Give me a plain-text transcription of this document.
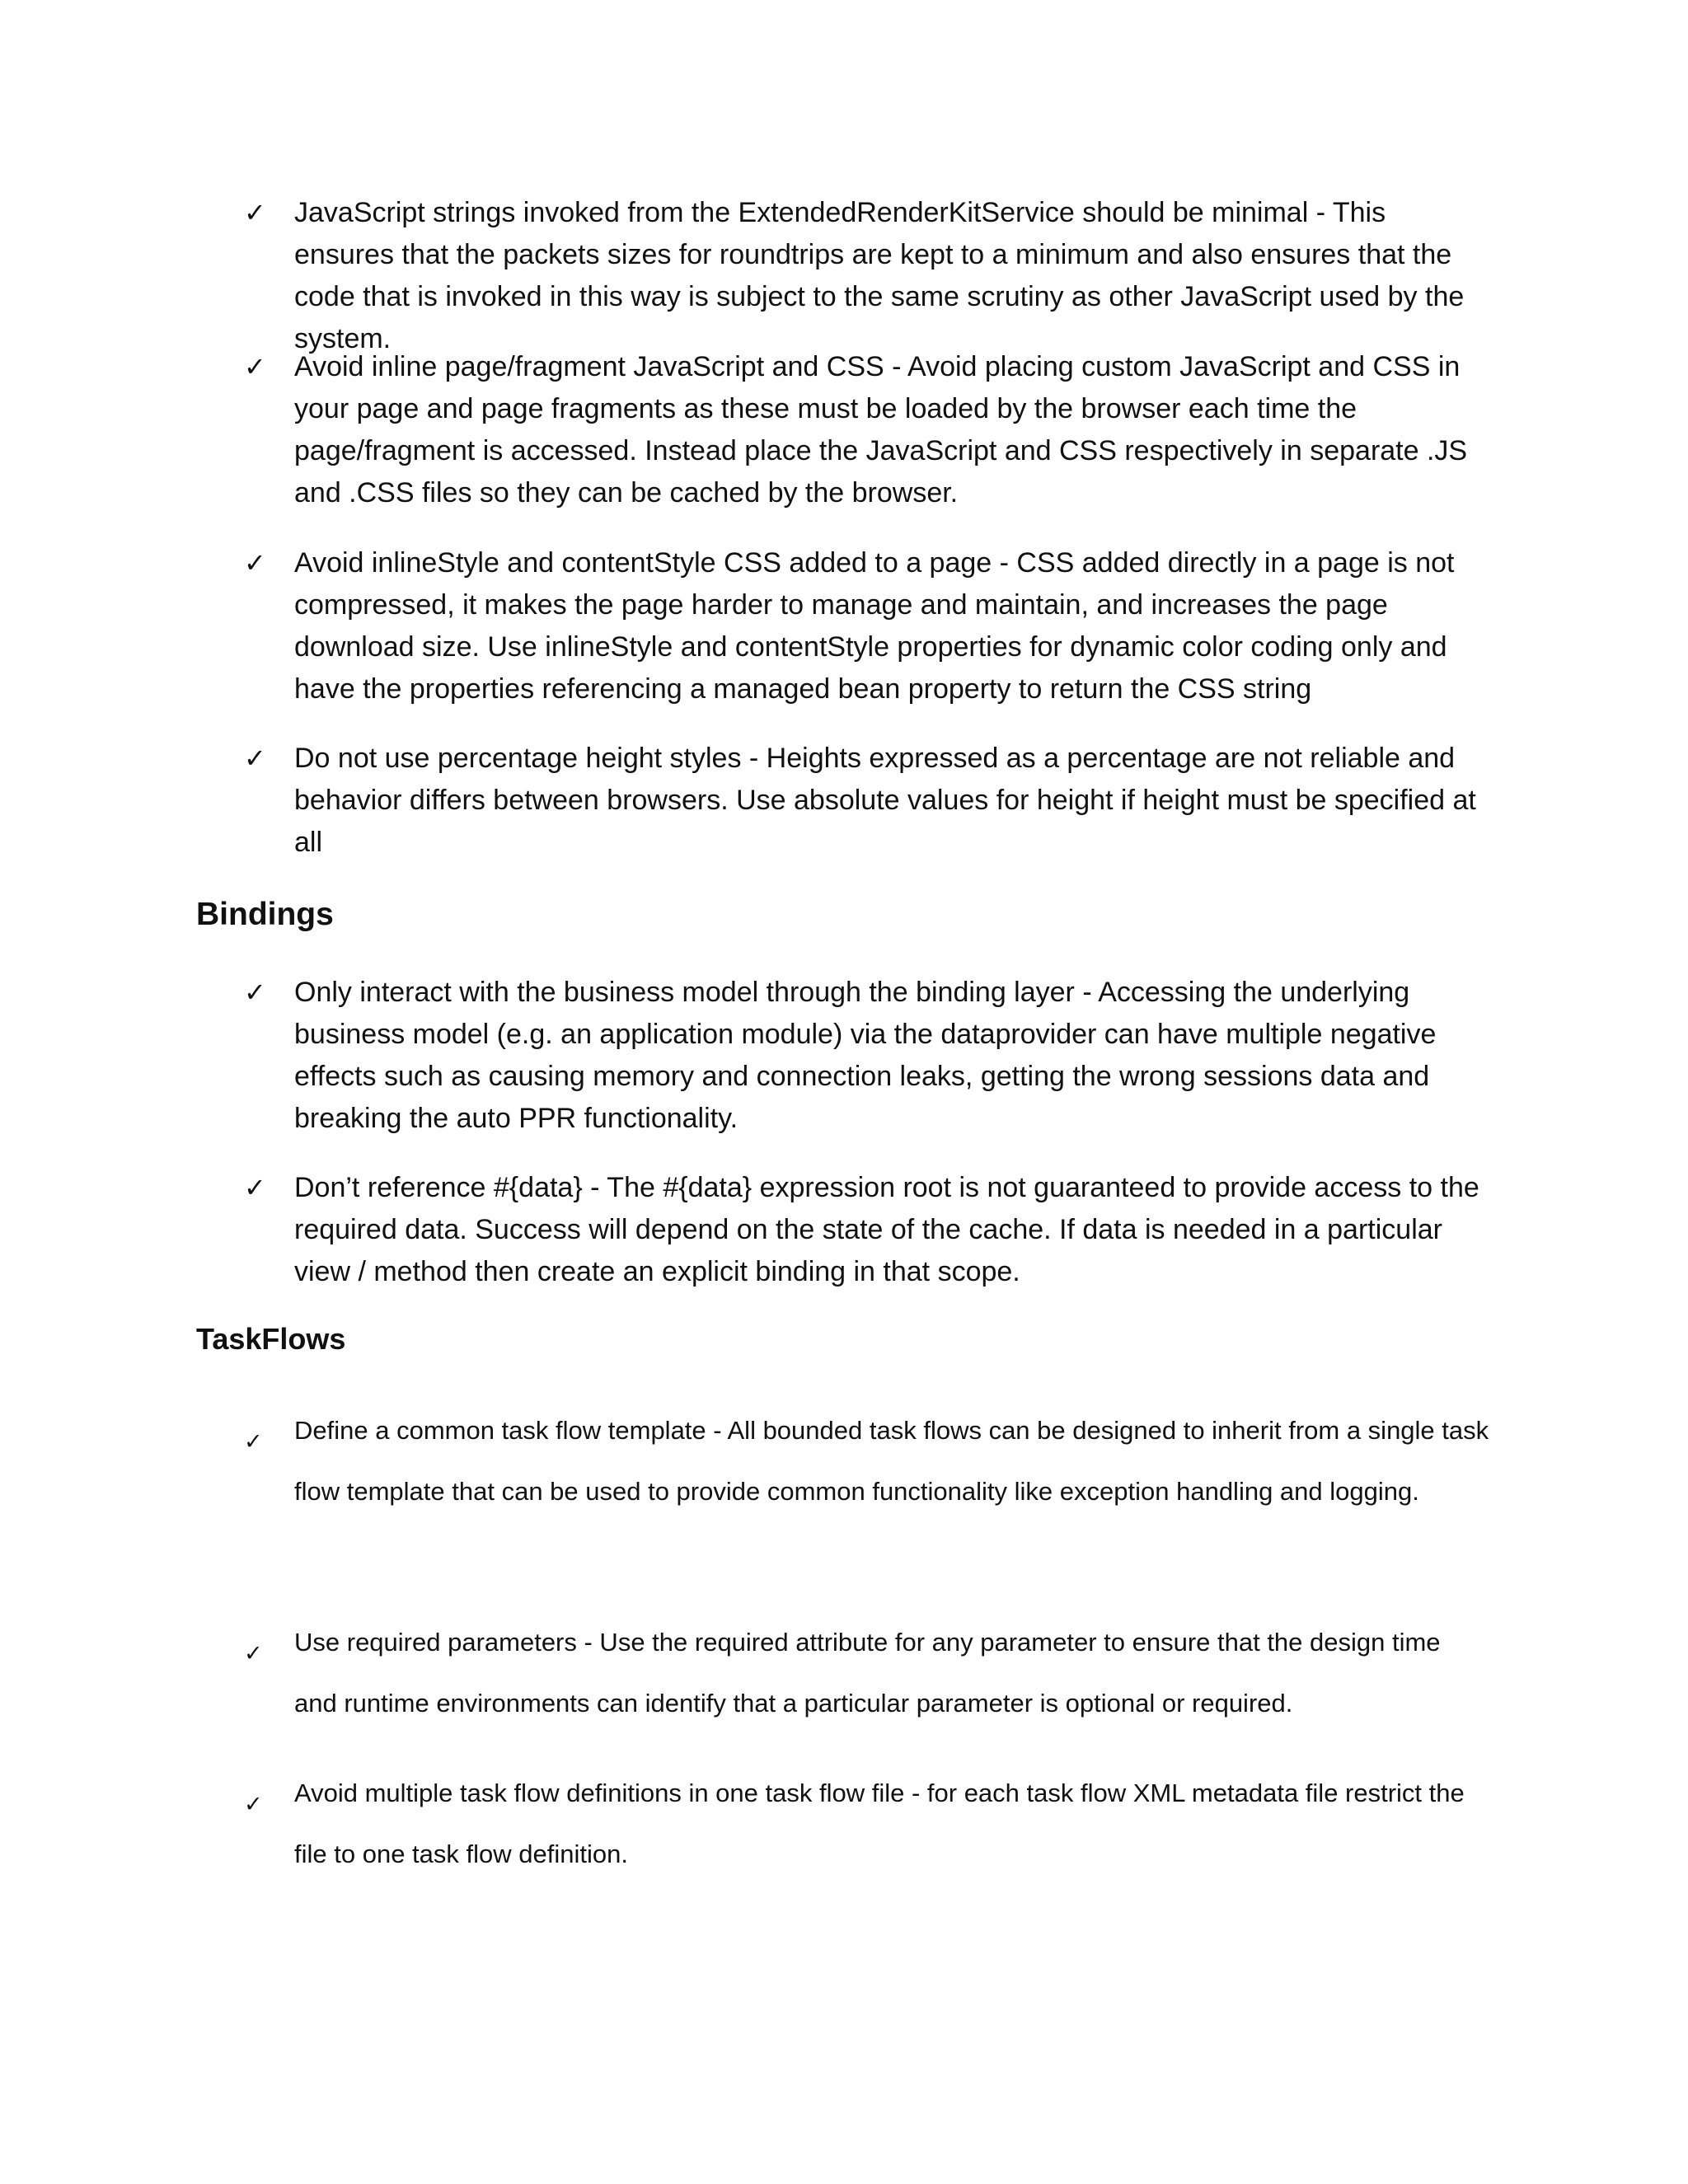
✓ JavaScript strings invoked from the ExtendedRenderKitService should be minimal - This ensures that the packets sizes for roundtrips are kept to a minimum and also ensures that the code that is invoked in this way is subject to the same scrutiny as other JavaScript used by the system.

✓ Avoid inline page/fragment JavaScript and CSS - Avoid placing custom JavaScript and CSS in your page and page fragments as these must be loaded by the browser each time the page/fragment is accessed. Instead place the JavaScript and CSS respectively in separate .JS and .CSS files so they can be cached by the browser.

✓ Avoid inlineStyle and contentStyle CSS added to a page - CSS added directly in a page is not compressed, it makes the page harder to manage and maintain, and increases the page download size. Use inlineStyle and contentStyle properties for dynamic color coding only and have the properties referencing a managed bean property to return the CSS string

✓ Do not use percentage height styles - Heights expressed as a percentage are not reliable and behavior differs between browsers. Use absolute values for height if height must be specified at all

Bindings
✓ Only interact with the business model through the binding layer - Accessing the underlying business model (e.g. an application module) via the dataprovider can have multiple negative effects such as causing memory and connection leaks, getting the wrong sessions data and breaking the auto PPR functionality.

✓ Don’t reference #{data} - The #{data} expression root is not guaranteed to provide access to the required data. Success will depend on the state of the cache. If data is needed in a particular view / method then create an explicit binding in that scope.

TaskFlows
✓ Define a common task flow template - All bounded task flows can be designed to inherit from a single task flow template that can be used to provide common functionality like exception handling and logging.

✓ Use required parameters - Use the required attribute for any parameter to ensure that the design time and runtime environments can identify that a particular parameter is optional or required.

✓ Avoid multiple task flow definitions in one task flow file - for each task flow XML metadata file restrict the file to one task flow definition.
